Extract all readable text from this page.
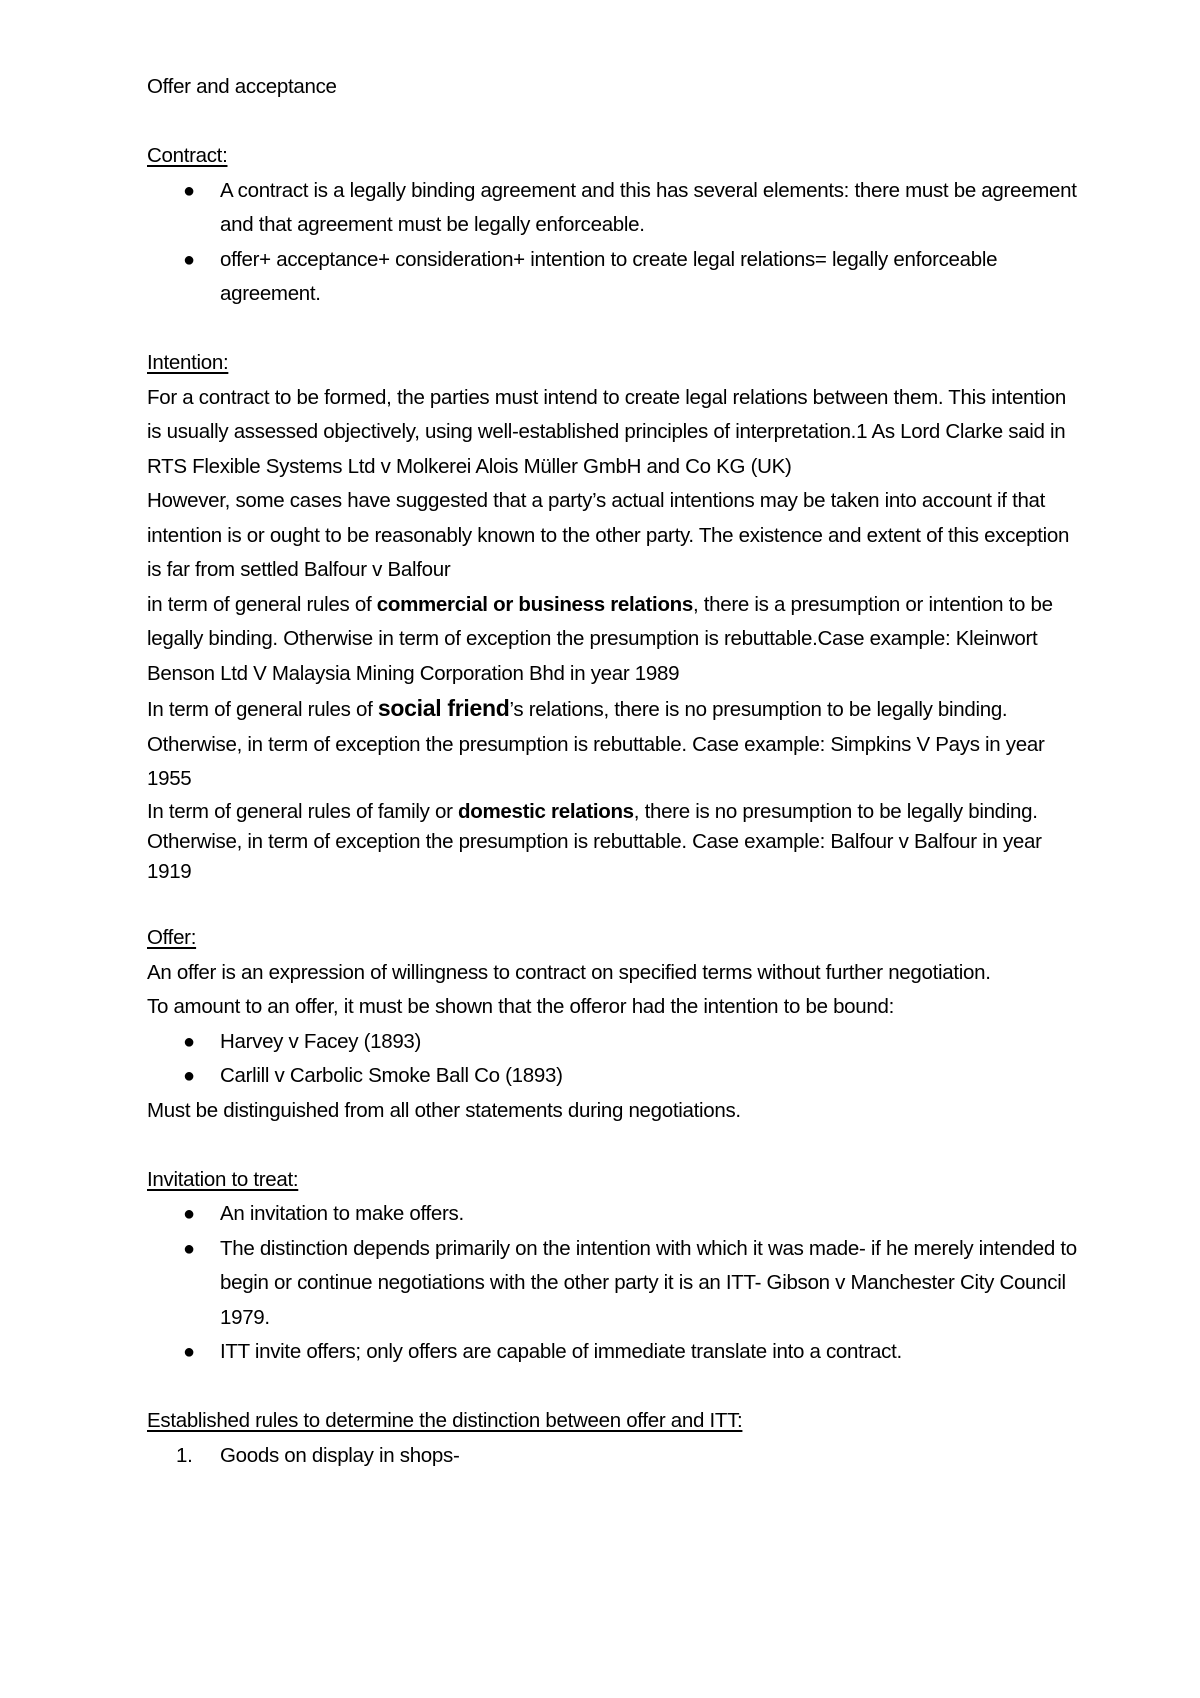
Offer and acceptance

Contract:

● A contract is a legally binding agreement and this has several elements: there must be agreement and that agreement must be legally enforceable.
● offer+ acceptance+ consideration+ intention to create legal relations= legally enforceable agreement.

Intention:

For a contract to be formed, the parties must intend to create legal relations between them. This intention is usually assessed objectively, using well-established principles of interpretation.1 As Lord Clarke said in RTS Flexible Systems Ltd v Molkerei Alois Müller GmbH and Co KG (UK)

However, some cases have suggested that a party’s actual intentions may be taken into account if that intention is or ought to be reasonably known to the other party. The existence and extent of this exception is far from settled Balfour v Balfour

in term of general rules of commercial or business relations, there is a presumption or intention to be legally binding. Otherwise in term of exception the presumption is rebuttable.Case example: Kleinwort Benson Ltd V Malaysia Mining Corporation Bhd in year 1989

In term of general rules of social friend’s relations, there is no presumption to be legally binding. Otherwise, in term of exception the presumption is rebuttable. Case example: Simpkins V Pays in year 1955

In term of general rules of family or domestic relations, there is no presumption to be legally binding. Otherwise, in term of exception the presumption is rebuttable. Case example: Balfour v Balfour in year 1919

Offer:

An offer is an expression of willingness to contract on specified terms without further negotiation.

To amount to an offer, it must be shown that the offeror had the intention to be bound:

● Harvey v Facey (1893)
● Carlill v Carbolic Smoke Ball Co (1893)

Must be distinguished from all other statements during negotiations.

Invitation to treat:

● An invitation to make offers.
● The distinction depends primarily on the intention with which it was made- if he merely intended to begin or continue negotiations with the other party it is an ITT- Gibson v Manchester City Council 1979.
● ITT invite offers; only offers are capable of immediate translate into a contract.

Established rules to determine the distinction between offer and ITT:

1. Goods on display in shops-
